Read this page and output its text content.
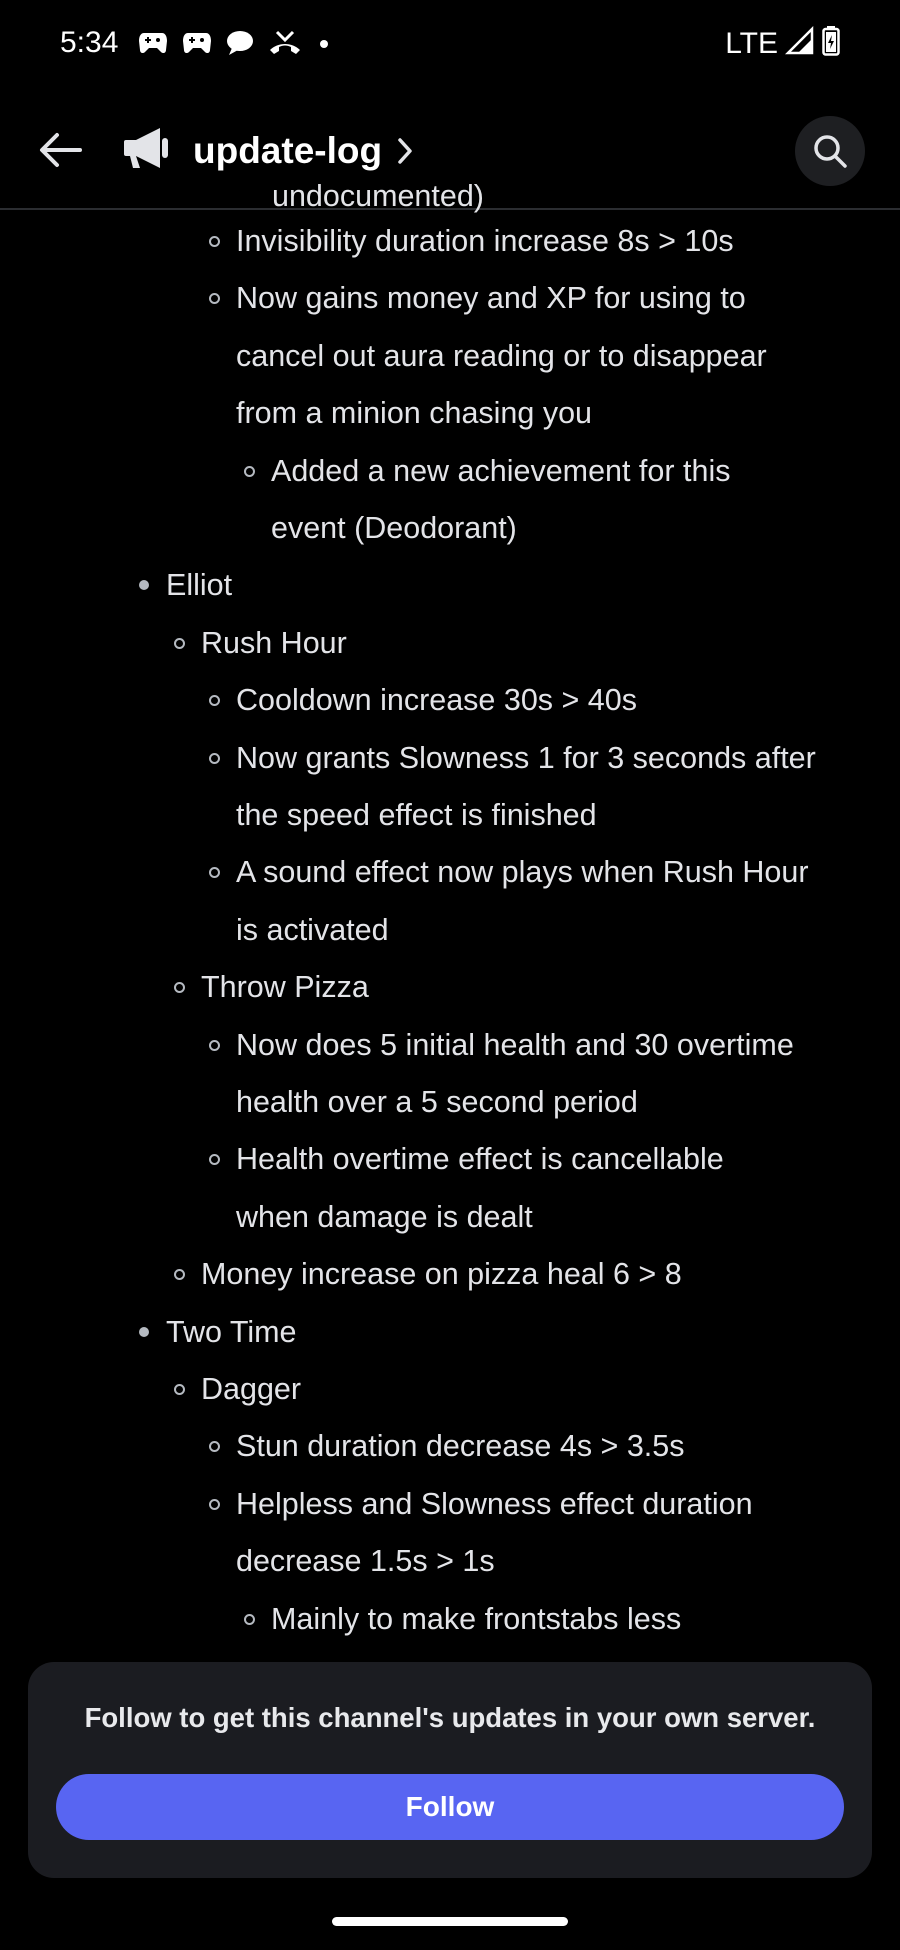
5:34	LTE
update-log
undocumented)
Invisibility duration increase 8s > 10s
Now gains money and XP for using to
cancel out aura reading or to disappear
from a minion chasing you
Added a new achievement for this
event (Deodorant)
Elliot
Rush Hour
Cooldown increase 30s > 40s
Now grants Slowness 1 for 3 seconds after
the speed effect is finished
A sound effect now plays when Rush Hour
is activated
Throw Pizza
Now does 5 initial health and 30 overtime
health over a 5 second period
Health overtime effect is cancellable
when damage is dealt
Money increase on pizza heal 6 > 8
Two Time
Dagger
Stun duration decrease 4s > 3.5s
Helpless and Slowness effect duration
decrease 1.5s > 1s
Mainly to make frontstabs less
Follow to get this channel's updates in your own server.
Follow
